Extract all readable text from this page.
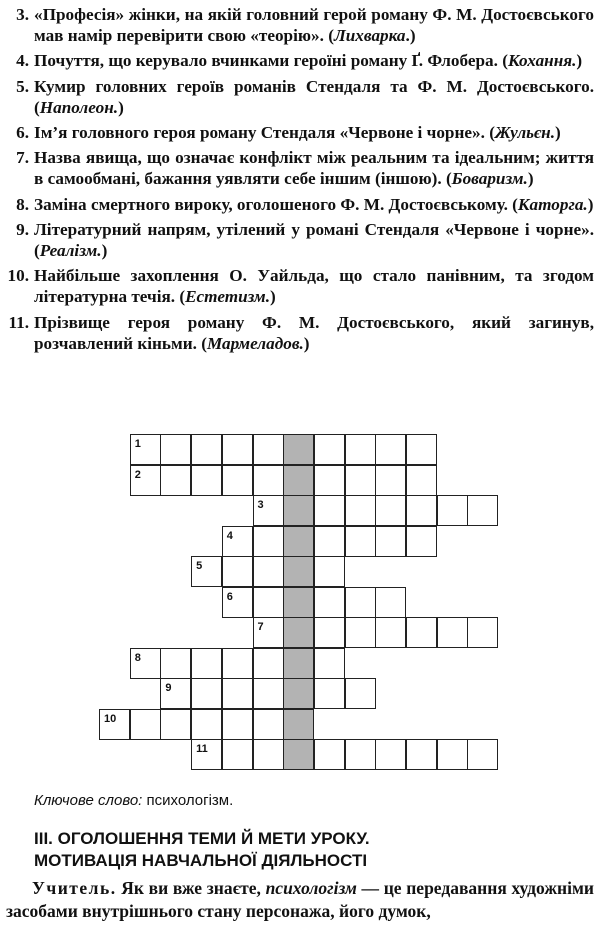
3. «Професія» жінки, на якій головний герой роману Ф. М. Достоєвського мав намір перевірити свою «теорію». (Лихварка.)
4. Почуття, що керувало вчинками героїні роману Ґ. Флобера. (Кохання.)
5. Кумир головних героїв романів Стендаля та Ф. М. Достоєвського. (Наполеон.)
6. Ім’я головного героя роману Стендаля «Червоне і чорне». (Жульєн.)
7. Назва явища, що означає конфлікт між реальним та ідеальним; життя в самообмані, бажання уявляти себе іншим (іншою). (Боваризм.)
8. Заміна смертного вироку, оголошеного Ф. М. Достоєвському. (Каторга.)
9. Літературний напрям, утілений у романі Стендаля «Червоне і чорне». (Реалізм.)
10. Найбільше захоплення О. Уайльда, що стало панівним, та згодом літературна течія. (Естетизм.)
11. Прізвище героя роману Ф. М. Достоєвського, який загинув, розчавлений кіньми. (Мармеладов.)
1
2
3
4
5
6
7
8
9
10
11
Ключове слово: психологізм.
III. ОГОЛОШЕННЯ ТЕМИ Й МЕТИ УРОКУ.
МОТИВАЦІЯ НАВЧАЛЬНОЇ ДІЯЛЬНОСТІ
Учитель. Як ви вже знаєте, психологізм — це передавання художніми засобами внутрішнього стану персонажа, його думок,
